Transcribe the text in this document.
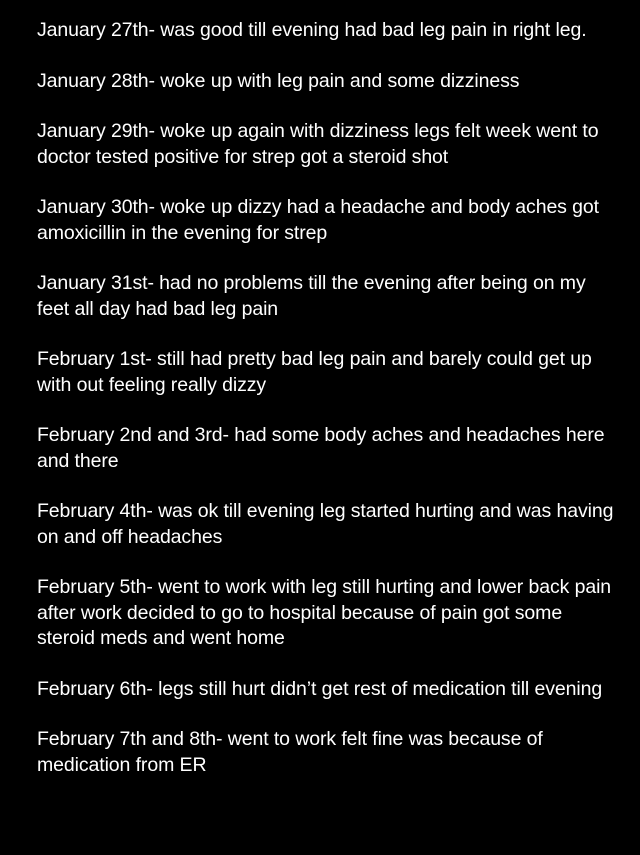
January 27th- was good till evening had bad leg pain in right leg.

January 28th- woke up with leg pain and some dizziness

January 29th- woke up again with dizziness legs felt week went to doctor tested positive for strep got a steroid shot

January 30th- woke up dizzy had a headache and body aches got amoxicillin in the evening for strep

January 31st- had no problems till the evening after being on my feet all day had bad leg pain

February 1st- still had pretty bad leg pain and barely could get up with out feeling really dizzy

February 2nd and 3rd- had some body aches and headaches here and there

February 4th- was ok till evening leg started hurting and was having on and off headaches

February 5th- went to work with leg still hurting and lower back pain after work decided to go to hospital because of pain got some steroid meds and went home

February 6th- legs still hurt didn’t get rest of medication till evening

February 7th and 8th- went to work felt fine was because of medication from ER
